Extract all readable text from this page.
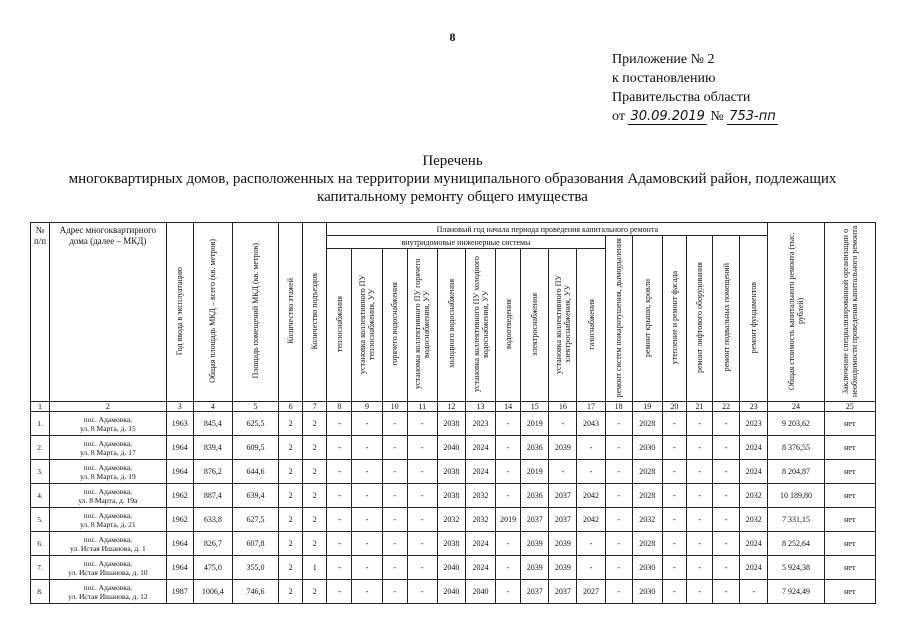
8
Приложение № 2
к постановлению
Правительства области
от 30.09.2019 № 753-пп
Перечень
многоквартирных домов, расположенных на территории муниципального образования Адамовский район, подлежащих
капитальному ремонту общего имущества
№ п/п	Адрес многоквартирного дома (далее – МКД)	Год ввода в эксплуатацию	Общая площадь МКД – всего (кв. метров)	Площадь помещений МКД (кв. метров)	Количество этажей	Количество подъездов	Плановый год начала периода проведения капитального ремонта																Общая стоимость капитального ремонта (тыс. рублей)	Заключение специализированной организации о необходимости проведения капитального ремонта
							внутридомовые инженерные системы										ремонт систем пожаротушения, дымоудаления	ремонт крыши, кровли	утепление и ремонт фасада	ремонт лифтового оборудования	ремонт подвальных помещений	ремонт фундаментов		
							теплоснабжения	установка коллективного ПУ теплоснабжения, УУ	горячего водоснабжения	установка коллективного ПУ горячего водоснабжения, УУ	холодного водоснабжения	установка коллективного ПУ холодного водоснабжения, УУ	водоотведения	электроснабжения	установка коллективного ПУ электроснабжения, УУ	газоснабжения								
1	2	3	4	5	6	7	8	9	10	11	12	13	14	15	16	17	18	19	20	21	22	23	24	25
1.	пос. Адамовка,
ул. 8 Марта, д. 15	1963	845,4	625,5	2	2	-	-	-	-	2038	2023	-	2019	-	2043	-	2028	-	-	-	2023	9 203,62	нет
2.	пос. Адамовка,
ул. 8 Марта, д. 17	1964	839,4	609,5	2	2	-	-	-	-	2040	2024	-	2036	2039	-	-	2030	-	-	-	2024	8 376,55	нет
3.	пос. Адамовка,
ул. 8 Марта, д. 19	1964	876,2	644,6	2	2	-	-	-	-	2038	2024	-	2019	-	-	-	2028	-	-	-	2024	8 204,87	нет
4.	пос. Адамовка,
ул. 8 Марта, д. 19а	1962	887,4	639,4	2	2	-	-	-	-	2038	2032	-	2036	2037	2042	-	2028	-	-	-	2032	10 189,80	нет
5.	пос. Адамовка,
ул. 8 Марта, д. 21	1962	633,8	627,5	2	2	-	-	-	-	2032	2032	2019	2037	2037	2042	-	2032	-	-	-	2032	7 331,15	нет
6.	пос. Адамовка,
ул. Истая Ишанова, д. 1	1964	826,7	607,8	2	2	-	-	-	-	2038	2024	-	2039	2039	-	-	2028	-	-	-	2024	8 252,64	нет
7.	пос. Адамовка,
ул. Истая Ишанова, д. 10	1964	475,0	355,0	2	1	-	-	-	-	2040	2024	-	2039	2039	-	-	2030	-	-	-	2024	5 924,38	нет
8.	пос. Адамовка,
ул. Истая Ишанова, д. 12	1987	1006,4	746,6	2	2	-	-	-	-	2040	2040	-	2037	2037	2027	-	2030	-	-	-	-	7 924,49	нет
